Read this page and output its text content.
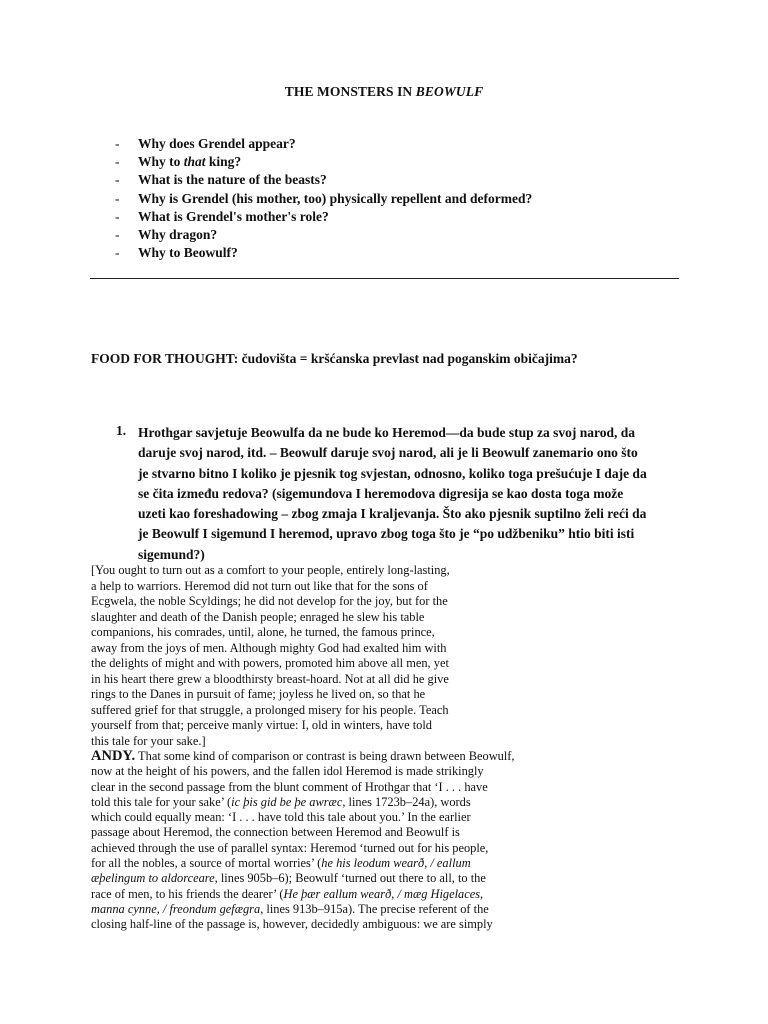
THE MONSTERS IN BEOWULF
- Why does Grendel appear?
- Why to that king?
- What is the nature of the beasts?
- Why is Grendel (his mother, too) physically repellent and deformed?
- What is Grendel's mother's role?
- Why dragon?
- Why to Beowulf?
FOOD FOR THOUGHT: čudovišta = kršćanska prevlast nad poganskim običajima?
1. Hrothgar savjetuje Beowulfa da ne bude ko Heremod—da bude stup za svoj narod, da
daruje svoj narod, itd. – Beowulf daruje svoj narod, ali je li Beowulf zanemario ono što
je stvarno bitno I koliko je pjesnik tog svjestan, odnosno, koliko toga prešućuje I daje da
se čita između redova? (sigemundova I heremodova digresija se kao dosta toga može
uzeti kao foreshadowing – zbog zmaja I kraljevanja. Što ako pjesnik suptilno želi reći da
je Beowulf I sigemund I heremod, upravo zbog toga što je “po udžbeniku” htio biti isti
sigemund?)
[You ought to turn out as a comfort to your people, entirely long-lasting,
a help to warriors. Heremod did not turn out like that for the sons of
Ecgwela, the noble Scyldings; he did not develop for the joy, but for the
slaughter and death of the Danish people; enraged he slew his table
companions, his comrades, until, alone, he turned, the famous prince,
away from the joys of men. Although mighty God had exalted him with
the delights of might and with powers, promoted him above all men, yet
in his heart there grew a bloodthirsty breast-hoard. Not at all did he give
rings to the Danes in pursuit of fame; joyless he lived on, so that he
suffered grief for that struggle, a prolonged misery for his people. Teach
yourself from that; perceive manly virtue: I, old in winters, have told
this tale for your sake.]
ANDY. That some kind of comparison or contrast is being drawn between Beowulf,
now at the height of his powers, and the fallen idol Heremod is made strikingly
clear in the second passage from the blunt comment of Hrothgar that ‘I . . . have
told this tale for your sake’ (ic þis gid be þe awræc, lines 1723b–24a), words
which could equally mean: ‘I . . . have told this tale about you.’ In the earlier
passage about Heremod, the connection between Heremod and Beowulf is
achieved through the use of parallel syntax: Heremod ‘turned out for his people,
for all the nobles, a source of mortal worries’ (he his leodum wearð, / eallum
æþelingum to aldorceare, lines 905b–6); Beowulf ‘turned out there to all, to the
race of men, to his friends the dearer’ (He þær eallum wearð, / mæg Higelaces,
manna cynne, / freondum gefægra, lines 913b–915a). The precise referent of the
closing half-line of the passage is, however, decidedly ambiguous: we are simply
